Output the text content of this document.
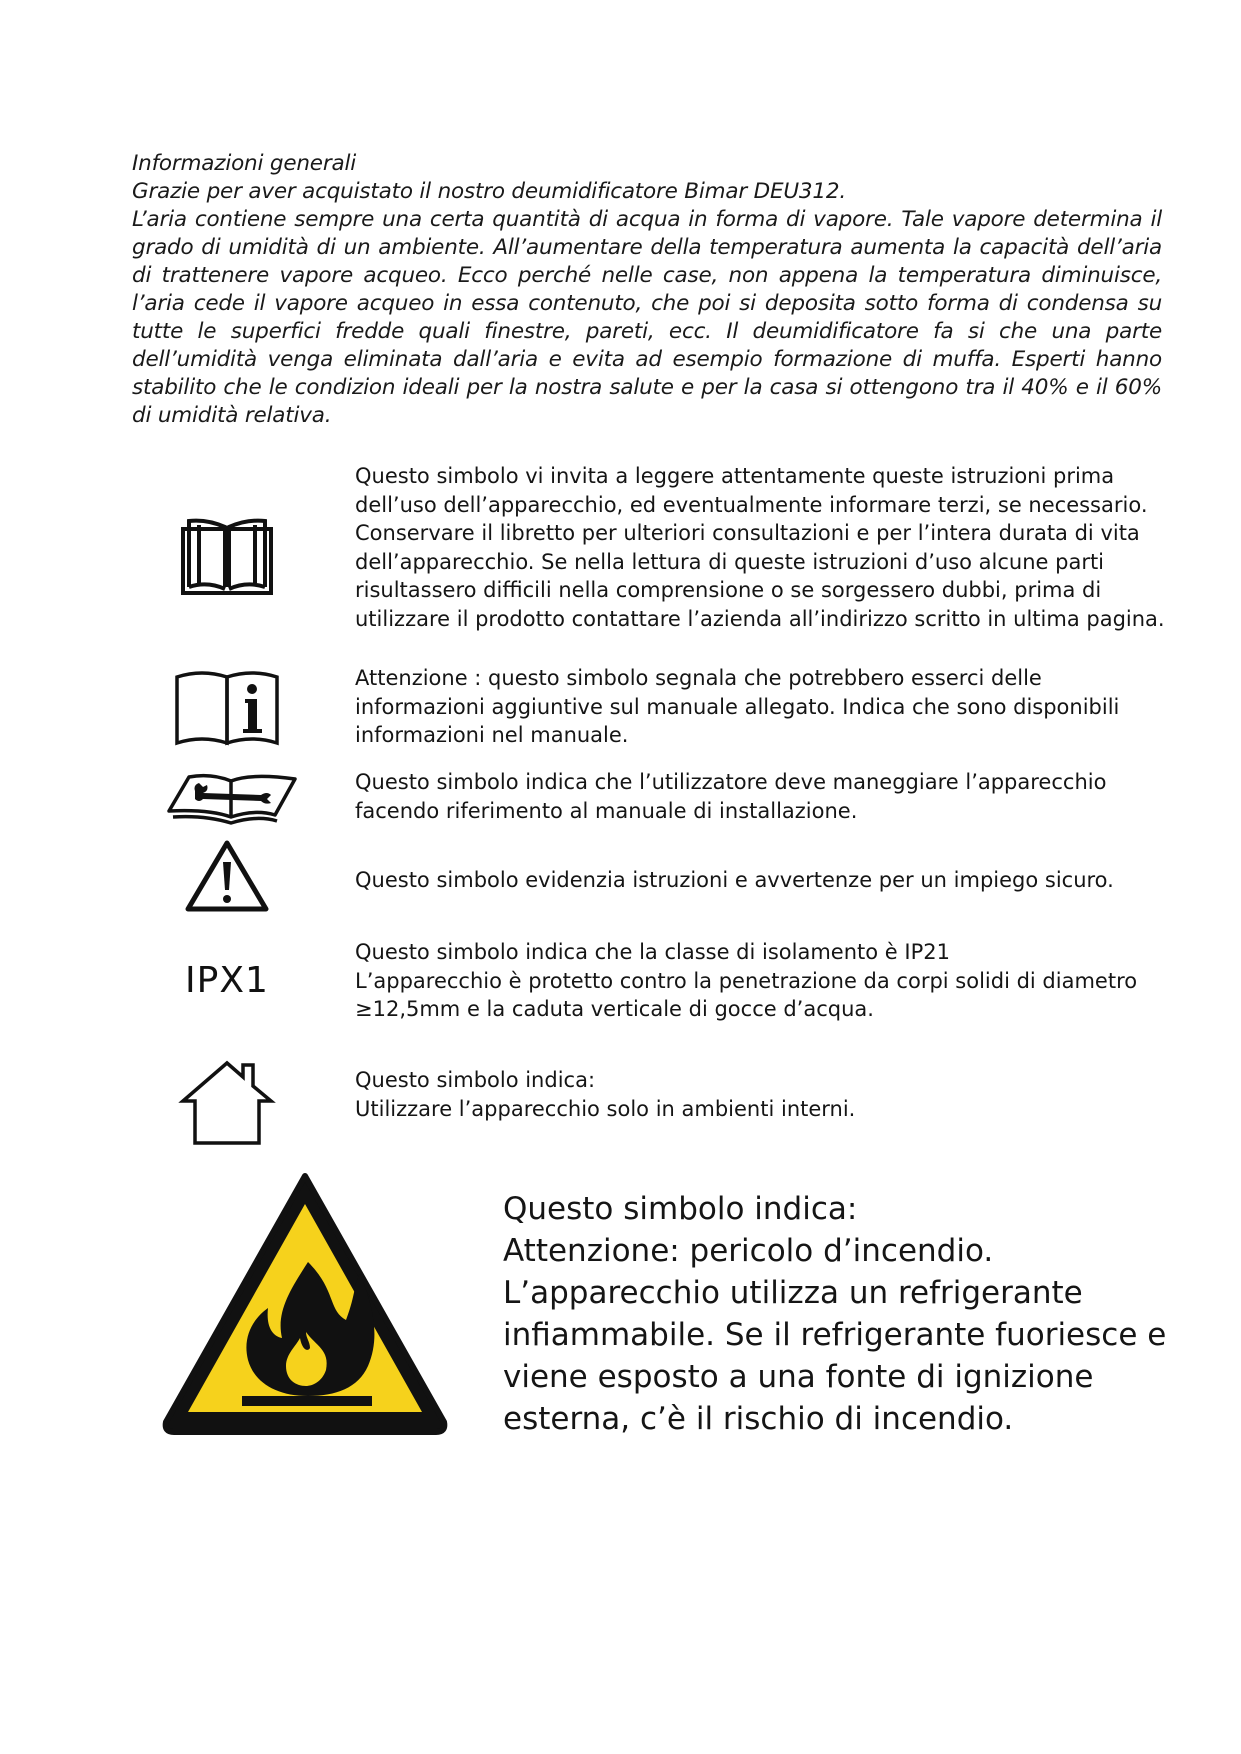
Informazioni generali
Grazie per aver acquistato il nostro deumidificatore Bimar DEU312.

L’aria contiene sempre una certa quantità di acqua in forma di vapore. Tale vapore determina il grado di umidità di un ambiente. All’aumentare della temperatura aumenta la capacità dell’aria di trattenere vapore acqueo. Ecco perché nelle case, non appena la temperatura diminuisce, l’aria cede il vapore acqueo in essa contenuto, che poi si deposita sotto forma di condensa su tutte le superfici fredde quali finestre, pareti, ecc. Il deumidificatore fa si che una parte dell’umidità venga eliminata dall’aria e evita ad esempio formazione di muffa. Esperti hanno stabilito che le condizion ideali per la nostra salute e per la casa si ottengono tra il 40% e il 60% di umidità relativa.

Questo simbolo vi invita a leggere attentamente queste istruzioni prima dell’uso dell’apparecchio, ed eventualmente informare terzi, se necessario. Conservare il libretto per ulteriori consultazioni e per l’intera durata di vita dell’apparecchio. Se nella lettura di queste istruzioni d’uso alcune parti risultassero difficili nella comprensione o se sorgessero dubbi, prima di utilizzare il prodotto contattare l’azienda all’indirizzo scritto in ultima pagina.

Attenzione : questo simbolo segnala che potrebbero esserci delle informazioni aggiuntive sul manuale allegato. Indica che sono disponibili informazioni nel manuale.

Questo simbolo indica che l’utilizzatore deve maneggiare l’apparecchio facendo riferimento al manuale di installazione.

Questo simbolo evidenzia istruzioni e avvertenze per un impiego sicuro.

IPX1

Questo simbolo indica che la classe di isolamento è IP21

L’apparecchio è protetto contro la penetrazione da corpi solidi di diametro ≥12,5mm e la caduta verticale di gocce d’acqua.

Questo simbolo indica:

Utilizzare l’apparecchio solo in ambienti interni.

Questo simbolo indica:

Attenzione: pericolo d’incendio.

L’apparecchio utilizza un refrigerante infiammabile. Se il refrigerante fuoriesce e viene esposto a una fonte di ignizione esterna, c’è il rischio di incendio.
